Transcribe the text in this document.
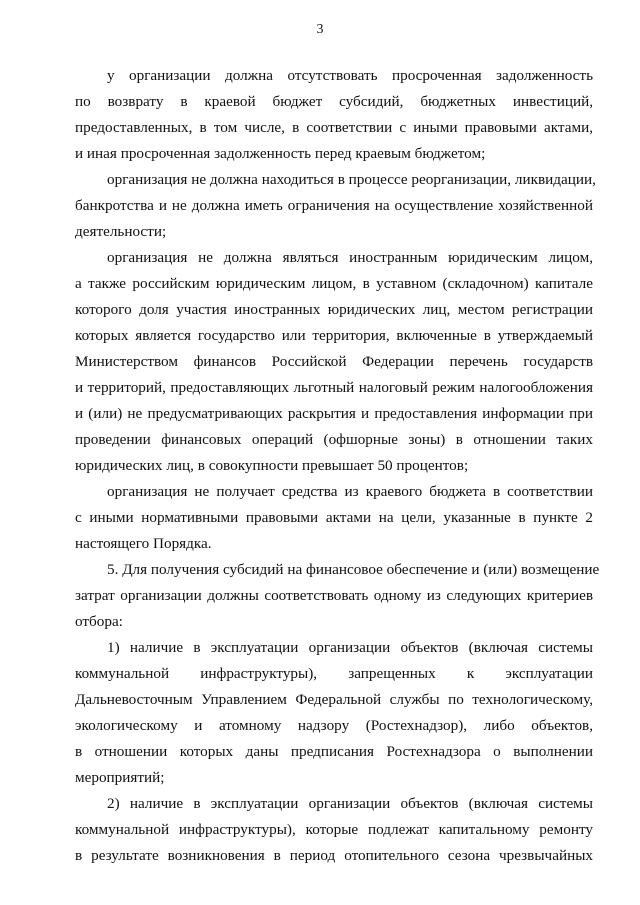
3
у организации должна отсутствовать просроченная задолженность
по возврату в краевой бюджет субсидий, бюджетных инвестиций,
предоставленных, в том числе, в соответствии с иными правовыми актами,
и иная просроченная задолженность перед краевым бюджетом;
организация не должна находиться в процессе реорганизации, ликвидации,
банкротства и не должна иметь ограничения на осуществление хозяйственной
деятельности;
организация не должна являться иностранным юридическим лицом,
а также российским юридическим лицом, в уставном (складочном) капитале
которого доля участия иностранных юридических лиц, местом регистрации
которых является государство или территория, включенные в утверждаемый
Министерством финансов Российской Федерации перечень государств
и территорий, предоставляющих льготный налоговый режим налогообложения
и (или) не предусматривающих раскрытия и предоставления информации при
проведении финансовых операций (офшорные зоны) в отношении таких
юридических лиц, в совокупности превышает 50 процентов;
организация не получает средства из краевого бюджета в соответствии
с иными нормативными правовыми актами на цели, указанные в пункте 2
настоящего Порядка.
5. Для получения субсидий на финансовое обеспечение и (или) возмещение
затрат организации должны соответствовать одному из следующих критериев
отбора:
1) наличие в эксплуатации организации объектов (включая системы
коммунальной инфраструктуры), запрещенных к эксплуатации
Дальневосточным Управлением Федеральной службы по технологическому,
экологическому и атомному надзору (Ростехнадзор), либо объектов,
в отношении которых даны предписания Ростехнадзора о выполнении
мероприятий;
2) наличие в эксплуатации организации объектов (включая системы
коммунальной инфраструктуры), которые подлежат капитальному ремонту
в результате возникновения в период отопительного сезона чрезвычайных
